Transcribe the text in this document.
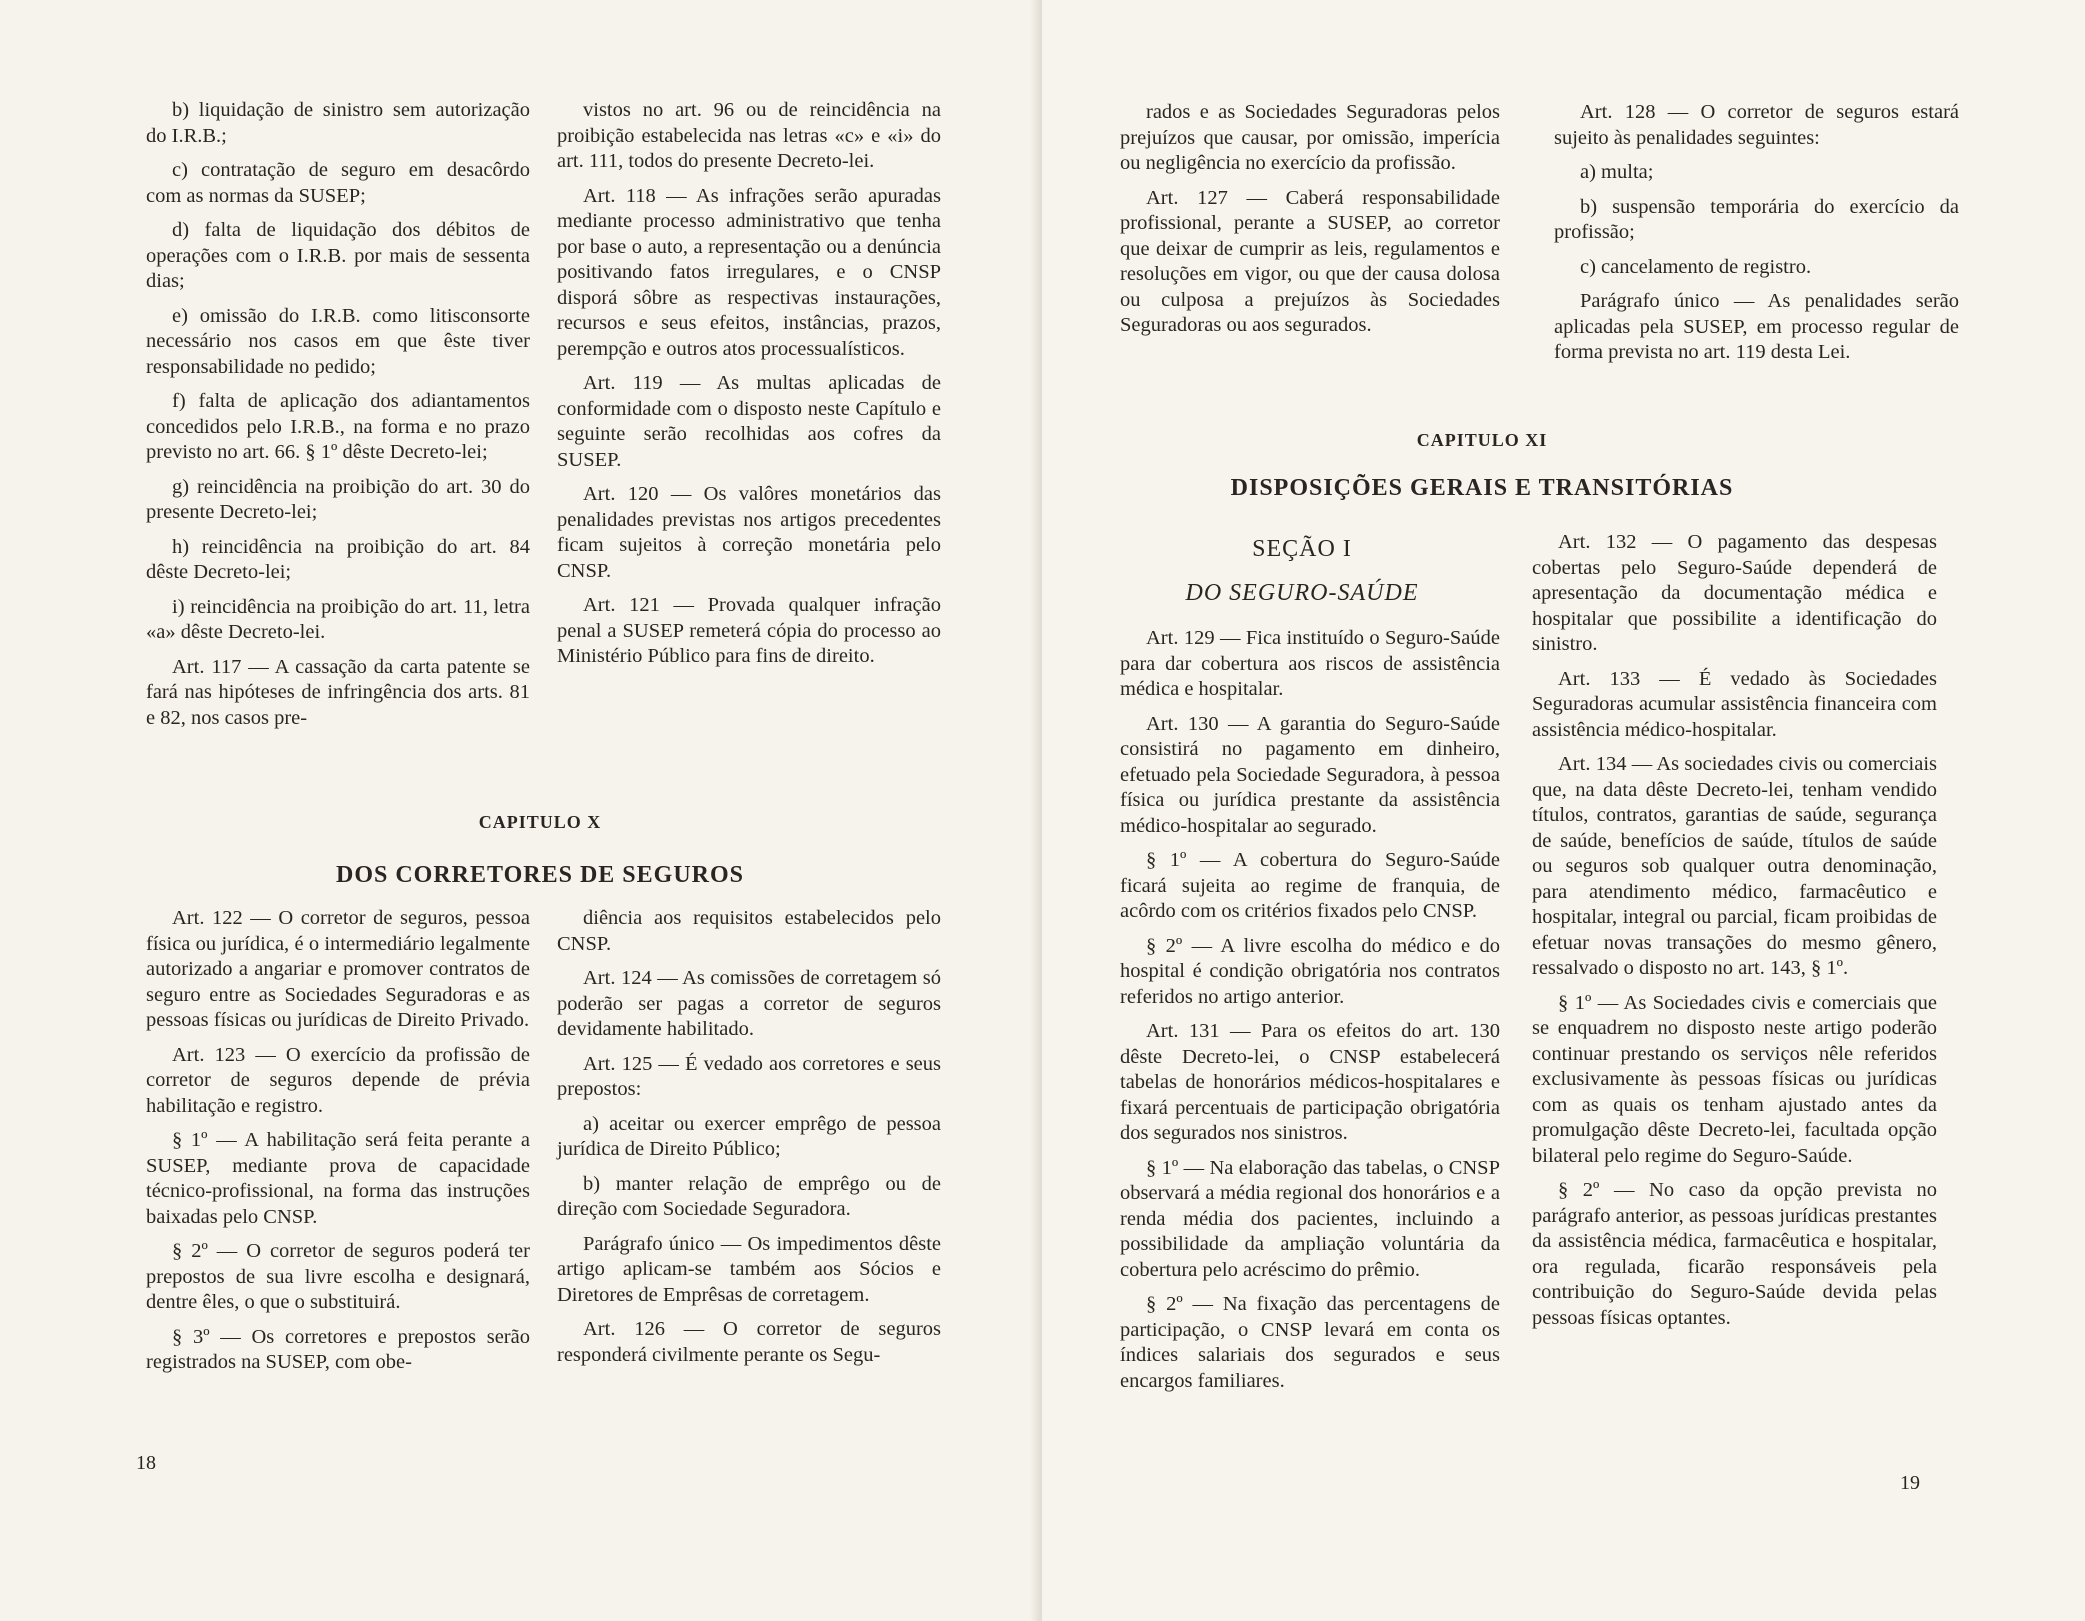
b) liquidação de sinistro sem autorização do I.R.B.;

c) contratação de seguro em desacôrdo com as normas da SUSEP;

d) falta de liquidação dos débitos de operações com o I.R.B. por mais de sessenta dias;

e) omissão do I.R.B. como litisconsorte necessário nos casos em que êste tiver responsabilidade no pedido;

f) falta de aplicação dos adiantamentos concedidos pelo I.R.B., na forma e no prazo previsto no art. 66. § 1º dêste Decreto-lei;

g) reincidência na proibição do art. 30 do presente Decreto-lei;

h) reincidência na proibição do art. 84 dêste Decreto-lei;

i) reincidência na proibição do art. 11, letra «a» dêste Decreto-lei.

Art. 117 — A cassação da carta patente se fará nas hipóteses de infringência dos arts. 81 e 82, nos casos pre-

vistos no art. 96 ou de reincidência na proibição estabelecida nas letras «c» e «i» do art. 111, todos do presente Decreto-lei.

Art. 118 — As infrações serão apuradas mediante processo administrativo que tenha por base o auto, a representação ou a denúncia positivando fatos irregulares, e o CNSP disporá sôbre as respectivas instaurações, recursos e seus efeitos, instâncias, prazos, perempção e outros atos processualísticos.

Art. 119 — As multas aplicadas de conformidade com o disposto neste Capítulo e seguinte serão recolhidas aos cofres da SUSEP.

Art. 120 — Os valôres monetários das penalidades previstas nos artigos precedentes ficam sujeitos à correção monetária pelo CNSP.

Art. 121 — Provada qualquer infração penal a SUSEP remeterá cópia do processo ao Ministério Público para fins de direito.

CAPITULO X
DOS CORRETORES DE SEGUROS

Art. 122 — O corretor de seguros, pessoa física ou jurídica, é o intermediário legalmente autorizado a angariar e promover contratos de seguro entre as Sociedades Seguradoras e as pessoas físicas ou jurídicas de Direito Privado.

Art. 123 — O exercício da profissão de corretor de seguros depende de prévia habilitação e registro.

§ 1º — A habilitação será feita perante a SUSEP, mediante prova de capacidade técnico-profissional, na forma das instruções baixadas pelo CNSP.

§ 2º — O corretor de seguros poderá ter prepostos de sua livre escolha e designará, dentre êles, o que o substituirá.

§ 3º — Os corretores e prepostos serão registrados na SUSEP, com obe-

diência aos requisitos estabelecidos pelo CNSP.

Art. 124 — As comissões de corretagem só poderão ser pagas a corretor de seguros devidamente habilitado.

Art. 125 — É vedado aos corretores e seus prepostos:

a) aceitar ou exercer emprêgo de pessoa jurídica de Direito Público;

b) manter relação de emprêgo ou de direção com Sociedade Seguradora.

Parágrafo único — Os impedimentos dêste artigo aplicam-se também aos Sócios e Diretores de Emprêsas de corretagem.

Art. 126 — O corretor de seguros responderá civilmente perante os Segu-

18

rados e as Sociedades Seguradoras pelos prejuízos que causar, por omissão, imperícia ou negligência no exercício da profissão.

Art. 127 — Caberá responsabilidade profissional, perante a SUSEP, ao corretor que deixar de cumprir as leis, regulamentos e resoluções em vigor, ou que der causa dolosa ou culposa a prejuízos às Sociedades Seguradoras ou aos segurados.

Art. 128 — O corretor de seguros estará sujeito às penalidades seguintes:

a) multa;

b) suspensão temporária do exercício da profissão;

c) cancelamento de registro.

Parágrafo único — As penalidades serão aplicadas pela SUSEP, em processo regular de forma prevista no art. 119 desta Lei.

CAPITULO XI
DISPOSIÇÕES GERAIS E TRANSITÓRIAS
SEÇÃO I
DO SEGURO-SAÚDE

Art. 129 — Fica instituído o Seguro-Saúde para dar cobertura aos riscos de assistência médica e hospitalar.

Art. 130 — A garantia do Seguro-Saúde consistirá no pagamento em dinheiro, efetuado pela Sociedade Seguradora, à pessoa física ou jurídica prestante da assistência médico-hospitalar ao segurado.

§ 1º — A cobertura do Seguro-Saúde ficará sujeita ao regime de franquia, de acôrdo com os critérios fixados pelo CNSP.

§ 2º — A livre escolha do médico e do hospital é condição obrigatória nos contratos referidos no artigo anterior.

Art. 131 — Para os efeitos do art. 130 dêste Decreto-lei, o CNSP estabelecerá tabelas de honorários médicos-hospitalares e fixará percentuais de participação obrigatória dos segurados nos sinistros.

§ 1º — Na elaboração das tabelas, o CNSP observará a média regional dos honorários e a renda média dos pacientes, incluindo a possibilidade da ampliação voluntária da cobertura pelo acréscimo do prêmio.

§ 2º — Na fixação das percentagens de participação, o CNSP levará em conta os índices salariais dos segurados e seus encargos familiares.

Art. 132 — O pagamento das despesas cobertas pelo Seguro-Saúde dependerá de apresentação da documentação médica e hospitalar que possibilite a identificação do sinistro.

Art. 133 — É vedado às Sociedades Seguradoras acumular assistência financeira com assistência médico-hospitalar.

Art. 134 — As sociedades civis ou comerciais que, na data dêste Decreto-lei, tenham vendido títulos, contratos, garantias de saúde, segurança de saúde, benefícios de saúde, títulos de saúde ou seguros sob qualquer outra denominação, para atendimento médico, farmacêutico e hospitalar, integral ou parcial, ficam proibidas de efetuar novas transações do mesmo gênero, ressalvado o disposto no art. 143, § 1º.

§ 1º — As Sociedades civis e comerciais que se enquadrem no disposto neste artigo poderão continuar prestando os serviços nêle referidos exclusivamente às pessoas físicas ou jurídicas com as quais os tenham ajustado antes da promulgação dêste Decreto-lei, facultada opção bilateral pelo regime do Seguro-Saúde.

§ 2º — No caso da opção prevista no parágrafo anterior, as pessoas jurídicas prestantes da assistência médica, farmacêutica e hospitalar, ora regulada, ficarão responsáveis pela contribuição do Seguro-Saúde devida pelas pessoas físicas optantes.

19
